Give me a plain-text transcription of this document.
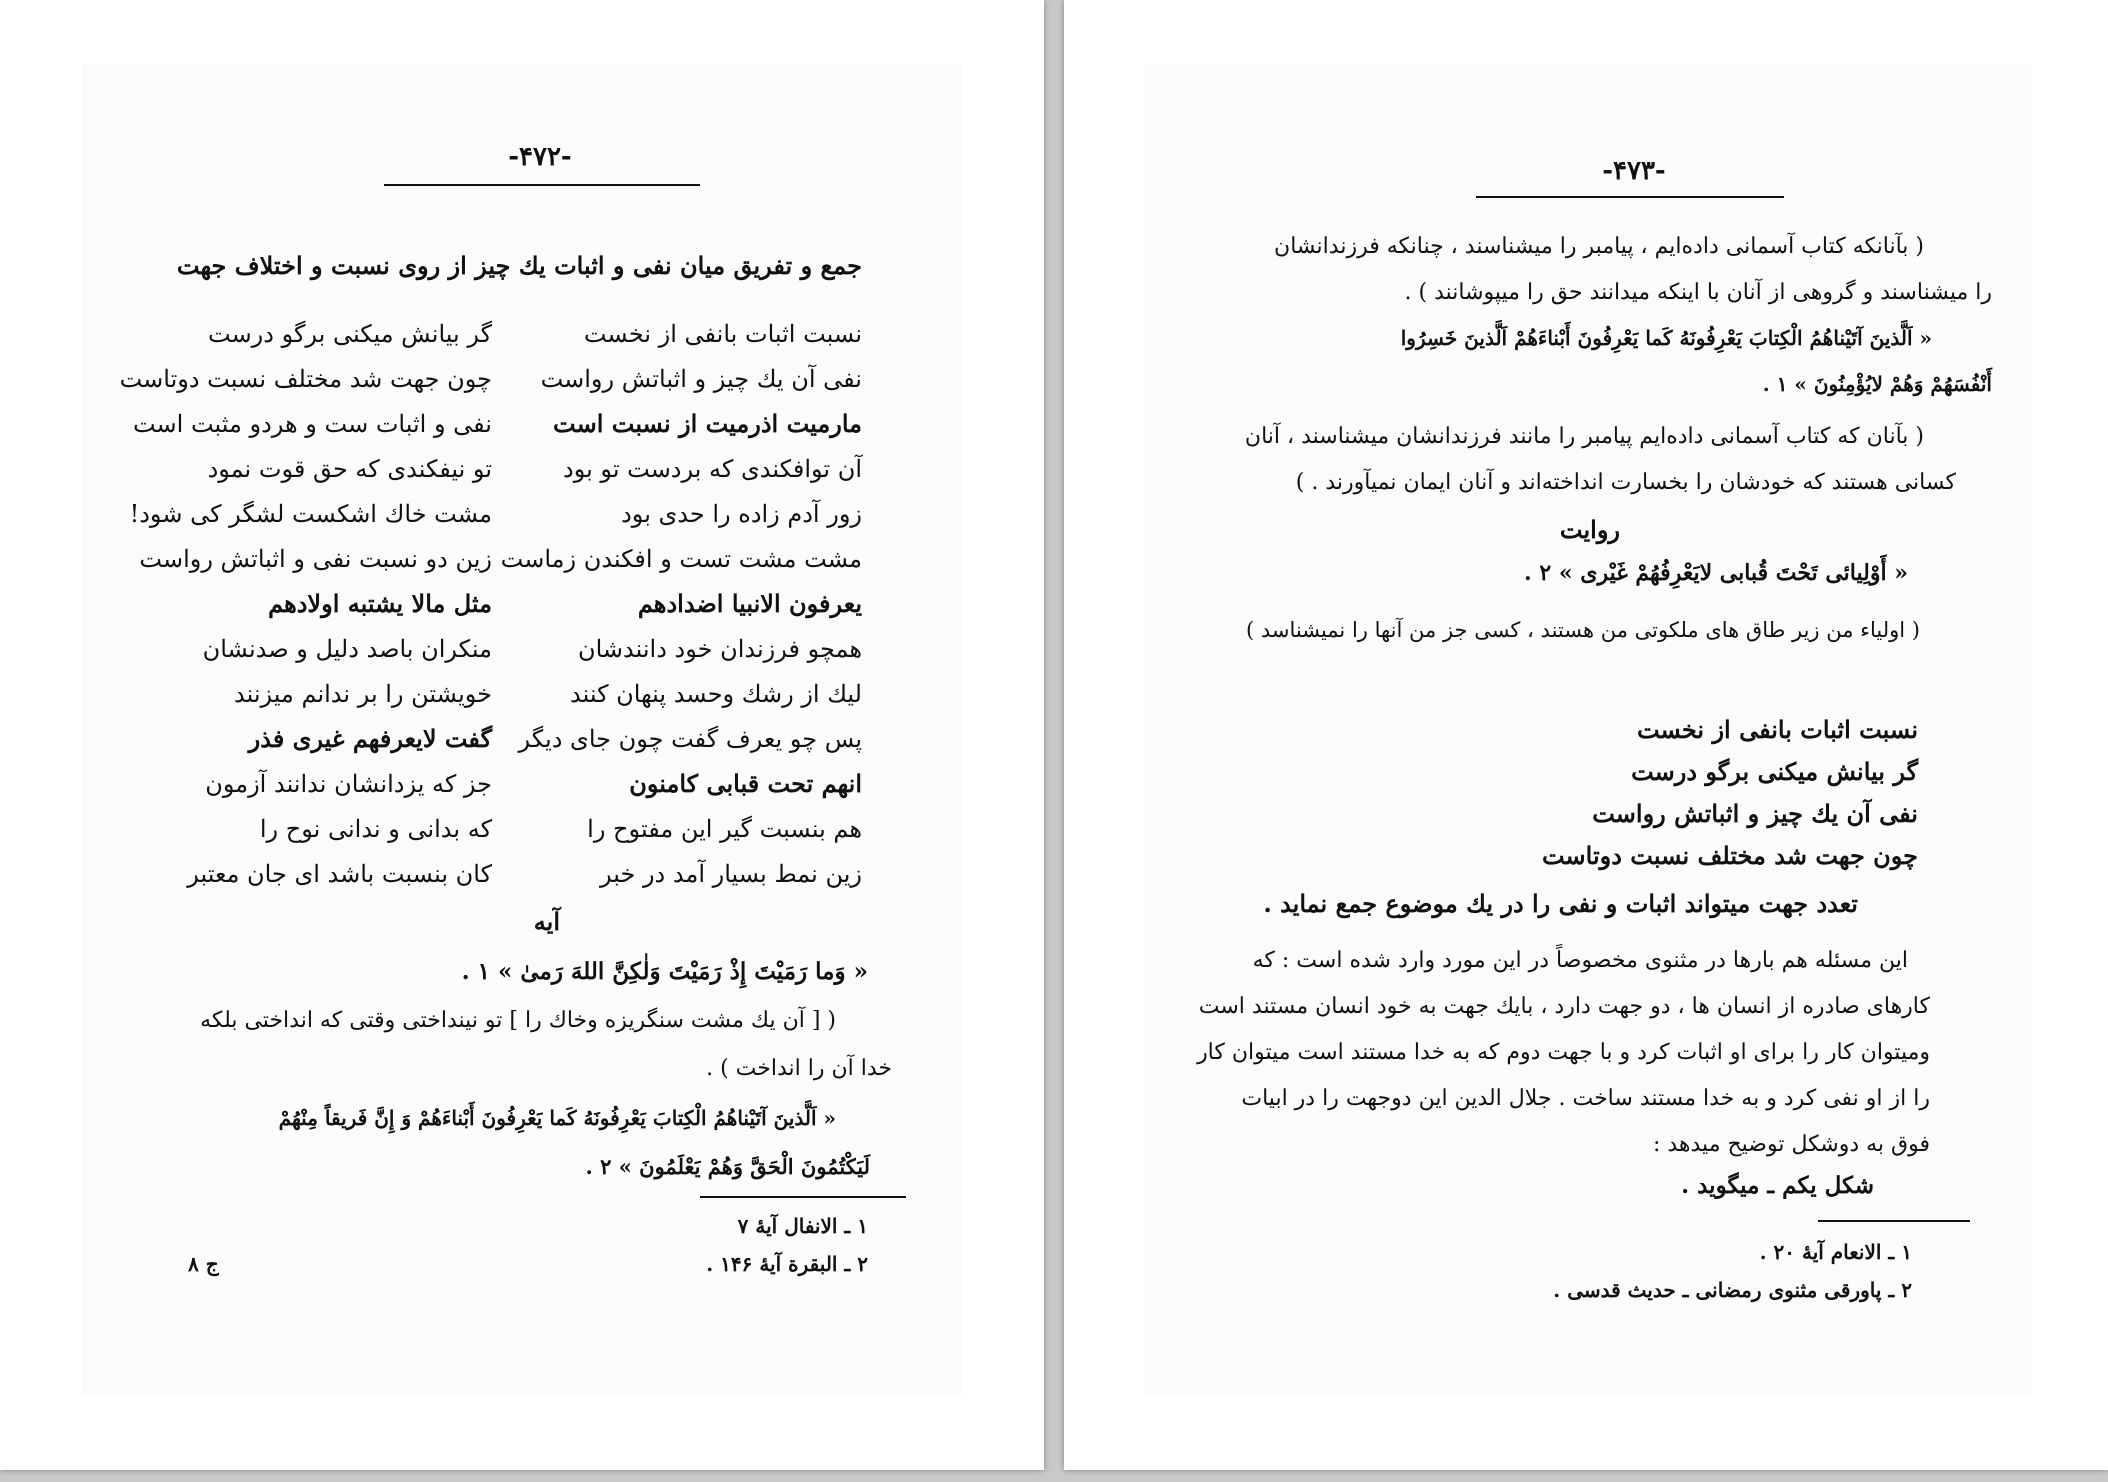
-۴۷۲-
جمع و تفریق میان نفی و اثبات یك چیز از روی نسبت و اختلاف جهت
نسبت اثبات بانفی از نخست
گر بیانش میکنی برگو درست
نفی آن یك چیز و اثباتش رواست
چون جهت شد مختلف نسبت دوتاست
مارمیت اذرمیت از نسبت است
نفی و اثبات ست و هردو مثبت است
آن توافکندی که بردست تو بود
تو نیفکندی که حق قوت نمود
زور آدم زاده را حدی بود
مشت خاك اشکست لشگر کی شود!
مشت مشت تست و افکندن زماست
زین دو نسبت نفی و اثباتش رواست
یعرفون الانبیا اضدادهم
مثل مالا یشتبه اولادهم
همچو فرزندان خود دانندشان
منکران باصد دلیل و صدنشان
لیك از رشك وحسد پنهان کنند
خویشتن را بر ندانم میزنند
پس چو یعرف گفت چون جای دیگر
گفت لایعرفهم غیری فذر
انهم تحت قبابی کامنون
جز که یزدانشان ندانند آزمون
هم بنسبت گیر این مفتوح را
که بدانی و ندانی نوح را
زین نمط بسیار آمد در خبر
کان بنسبت باشد ای جان معتبر
آیه
« وَما رَمَیْتَ إِذْ رَمَیْتَ وَلٰکِنَّ اللهَ رَمیٰ » ۱ .
( [ آن یك مشت سنگریزه وخاك را ] تو نینداختی وقتی که انداختی بلکه
خدا آن را انداخت ) .
« اَلَّذینَ آتَیْناهُمُ الْکِتابَ یَعْرِفُونَهُ کَما یَعْرِفُونَ أَبْناءَهُمْ وَ إِنَّ فَریقاً مِنْهُمْ
لَیَکْتُمُونَ الْحَقَّ وَهُمْ یَعْلَمُونَ » ۲ .
۱ ـ الانفال آیهٔ ۷
۲ ـ البقرة آیهٔ ۱۴۶ .
ج ۸
-۴۷۳-
( بآنانکه کتاب آسمانی داده‌ایم ، پیامبر را میشناسند ، چنانکه فرزندانشان
را میشناسند و گروهی از آنان با اینکه میدانند حق را میپوشانند ) .
« اَلَّذینَ آتَیْناهُمُ الْکِتابَ یَعْرِفُونَهُ کَما یَعْرِفُونَ أَبْناءَهُمْ اَلَّذینَ خَسِرُوا
أَنْفُسَهُمْ وَهُمْ لایُؤْمِنُونَ » ۱ .
( بآنان که کتاب آسمانی داده‌ایم پیامبر را مانند فرزندانشان میشناسند ، آنان
کسانی هستند که خودشان را بخسارت انداخته‌اند و آنان ایمان نمیآورند . )
روایت
« أَوْلِیائی تَحْتَ قُبابی لایَعْرِفُهُمْ غَیْری » ۲ .
( اولیاء من زیر طاق های ملکوتی من هستند ، کسی جز من آنها را نمیشناسد )
نسبت اثبات بانفی از نخست
گر بیانش میکنی برگو درست
نفی آن یك چیز و اثباتش رواست
چون جهت شد مختلف نسبت دوتاست
تعدد جهت میتواند اثبات و نفی را در یك موضوع جمع نماید .
این مسئله هم بارها در مثنوی مخصوصاً در این مورد وارد شده است : که
کارهای صادره از انسان ها ، دو جهت دارد ، بایك جهت به خود انسان مستند است
ومیتوان کار را برای او اثبات کرد و با جهت دوم که به خدا مستند است میتوان کار
را از او نفی کرد و به خدا مستند ساخت . جلال الدین این دوجهت را در ابیات
فوق به دوشکل توضیح میدهد :
شکل یکم ـ میگوید .
۱ ـ الانعام آیهٔ ۲۰ .
۲ ـ پاورقی مثنوی رمضانی ـ حدیث قدسی .
